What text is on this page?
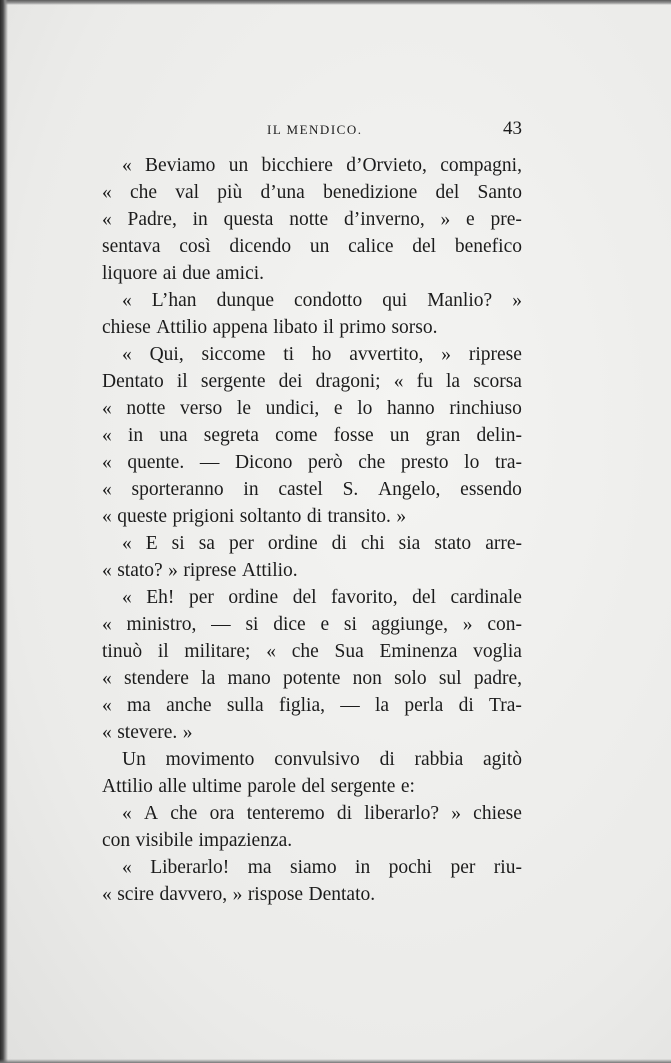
IL MENDICO.	43
« Beviamo un bicchiere d’Orvieto, compagni,
« che val più d’una benedizione del Santo
« Padre, in questa notte d’inverno, » e pre-
sentava così dicendo un calice del benefico
liquore ai due amici.
« L’han dunque condotto qui Manlio? »
chiese Attilio appena libato il primo sorso.
« Qui, siccome ti ho avvertito, » riprese
Dentato il sergente dei dragoni; « fu la scorsa
« notte verso le undici, e lo hanno rinchiuso
« in una segreta come fosse un gran delin-
« quente. — Dicono però che presto lo tra-
« sporteranno in castel S. Angelo, essendo
« queste prigioni soltanto di transito. »
« E si sa per ordine di chi sia stato arre-
« stato? » riprese Attilio.
« Eh! per ordine del favorito, del cardinale
« ministro, — si dice e si aggiunge, » con-
tinuò il militare; « che Sua Eminenza voglia
« stendere la mano potente non solo sul padre,
« ma anche sulla figlia, — la perla di Tra-
« stevere. »
Un movimento convulsivo di rabbia agitò
Attilio alle ultime parole del sergente e:
« A che ora tenteremo di liberarlo? » chiese
con visibile impazienza.
« Liberarlo! ma siamo in pochi per riu-
« scire davvero, » rispose Dentato.
